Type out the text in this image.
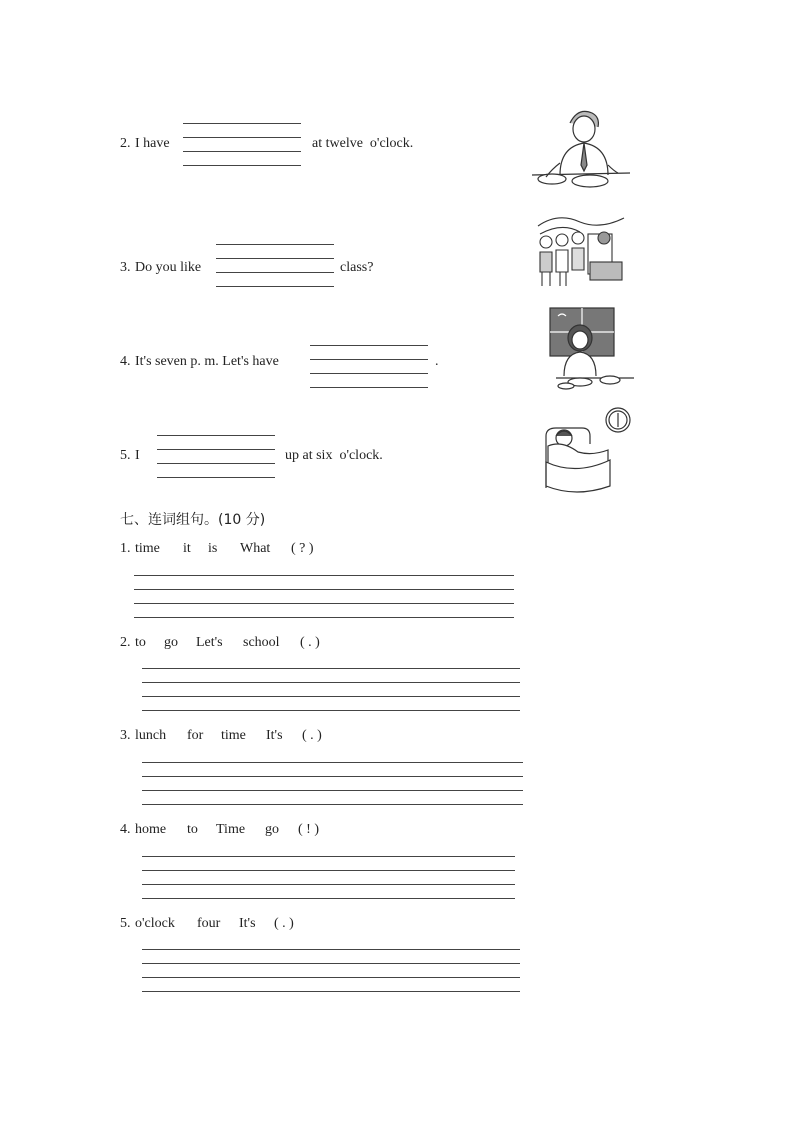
2. I have	at twelve  o'clock.
3. Do you like	class?
4. It's seven p. m. Let's have	.
5. I	up at six  o'clock.
七、连词组句。(10 分)
1. time it is What ( ? )
2. to go Let's school ( . )
3. lunch for time It's ( . )
4. home to Time go ( ! )
5. o'clock four It's ( . )
